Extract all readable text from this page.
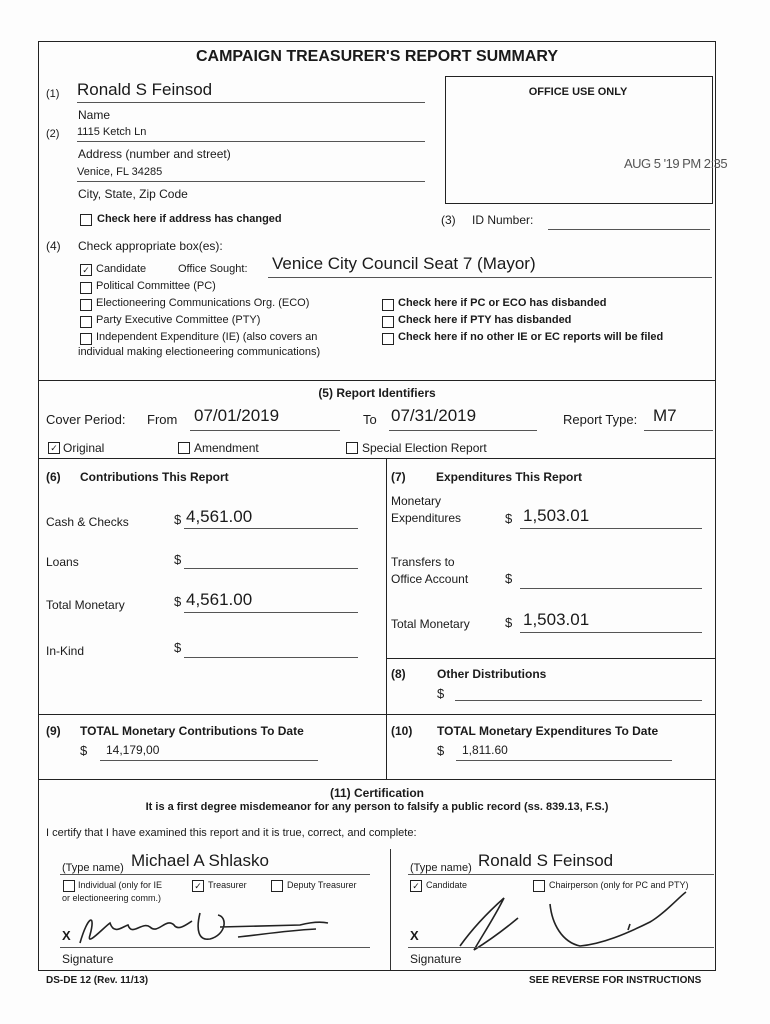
CAMPAIGN TREASURER'S REPORT SUMMARY
(1) Ronald S Feinsod
Name
(2) 1115 Ketch Ln
Address (number and street)
Venice, FL 34285
City, State, Zip Code
Check here if address has changed
OFFICE USE ONLY
AUG 5 '19 PM 2:35
(3) ID Number:
(4) Check appropriate box(es):
✓ Candidate	Office Sought: Venice City Council Seat 7 (Mayor)
Political Committee (PC)
Electioneering Communications Org. (ECO)
Party Executive Committee (PTY)
Independent Expenditure (IE) (also covers an
individual making electioneering communications)
Check here if PC or ECO has disbanded
Check here if PTY has disbanded
Check here if no other IE or EC reports will be filed
(5) Report Identifiers
Cover Period: From 07/01/2019	To 07/31/2019	Report Type: M7
✓ Original	Amendment	Special Election Report
(6) Contributions This Report
Cash & Checks	$ 4,561.00
Loans	$
Total Monetary	$ 4,561.00
In-Kind	$
(7)	Expenditures This Report
Monetary
Expenditures	$ 1,503.01
Transfers to
Office Account	$
Total Monetary	$ 1,503.01
(8)	Other Distributions
$
(9) TOTAL Monetary Contributions To Date
$ 14,179,00
(10) TOTAL Monetary Expenditures To Date
$ 1,811.60
(11) Certification
It is a first degree misdemeanor for any person to falsify a public record (ss. 839.13, F.S.)
I certify that I have examined this report and it is true, correct, and complete:
(Type name) Michael A Shlasko	(Type name) Ronald S Feinsod
Individual (only for IE
or electioneering comm.)
✓ Treasurer	Deputy Treasurer	✓ Candidate	Chairperson (only for PC and PTY)
X
Signature
X
Signature
DS-DE 12 (Rev. 11/13)	SEE REVERSE FOR INSTRUCTIONS
